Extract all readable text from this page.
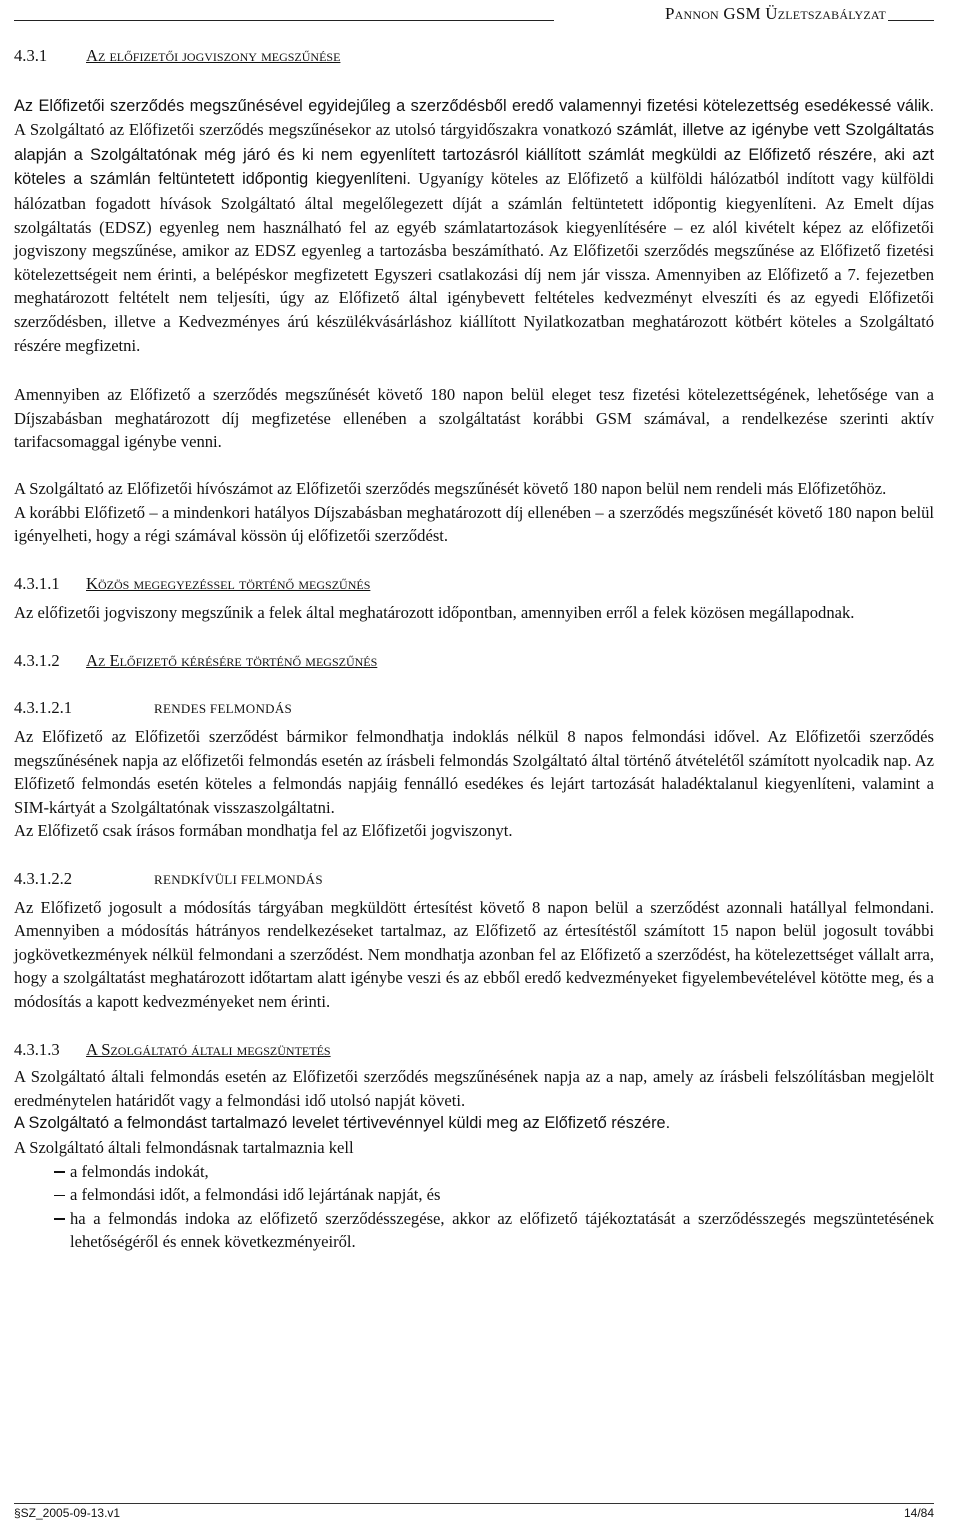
Pannon GSM Üzletszabályzat

4.3.1 Az előfizetői jogviszony megszűnése

Az Előfizetői szerződés megszűnésével egyidejűleg a szerződésből eredő valamennyi fizetési kötelezettség esedékessé válik. A Szolgáltató az Előfizetői szerződés megszűnésekor az utolsó tárgyidőszakra vonatkozó számlát, illetve az igénybe vett Szolgáltatás alapján a Szolgáltatónak még járó és ki nem egyenlített tartozásról kiállított számlát megküldi az Előfizető részére, aki azt köteles a számlán feltüntetett időpontig kiegyenlíteni. Ugyanígy köteles az Előfizető a külföldi hálózatból indított vagy külföldi hálózatban fogadott hívások Szolgáltató által megelőlegezett díját a számlán feltüntetett időpontig kiegyenlíteni. Az Emelt díjas szolgáltatás (EDSZ) egyenleg nem használható fel az egyéb számlatartozások kiegyenlítésére – ez alól kivételt képez az előfizetői jogviszony megszűnése, amikor az EDSZ egyenleg a tartozásba beszámítható. Az Előfizetői szerződés megszűnése az Előfizető fizetési kötelezettségeit nem érinti, a belépéskor megfizetett Egyszeri csatlakozási díj nem jár vissza. Amennyiben az Előfizető a 7. fejezetben meghatározott feltételt nem teljesíti, úgy az Előfizető által igénybevett feltételes kedvezményt elveszíti és az egyedi Előfizetői szerződésben, illetve a Kedvezményes árú készülékvásárláshoz kiállított Nyilatkozatban meghatározott kötbért köteles a Szolgáltató részére megfizetni.

Amennyiben az Előfizető a szerződés megszűnését követő 180 napon belül eleget tesz fizetési kötelezettségének, lehetősége van a Díjszabásban meghatározott díj megfizetése ellenében a szolgáltatást korábbi GSM számával, a rendelkezése szerinti aktív tarifacsomaggal igénybe venni.

A Szolgáltató az Előfizetői hívószámot az Előfizetői szerződés megszűnését követő 180 napon belül nem rendeli más Előfizetőhöz.

A korábbi Előfizető – a mindenkori hatályos Díjszabásban meghatározott díj ellenében – a szerződés megszűnését követő 180 napon belül igényelheti, hogy a régi számával kössön új előfizetői szerződést.

4.3.1.1 Közös megegyezéssel történő megszűnés

Az előfizetői jogviszony megszűnik a felek által meghatározott időpontban, amennyiben erről a felek közösen megállapodnak.

4.3.1.2 Az Előfizető kérésére történő megszűnés

4.3.1.2.1	RENDES FELMONDÁS

Az Előfizető az Előfizetői szerződést bármikor felmondhatja indoklás nélkül 8 napos felmondási idővel. Az Előfizetői szerződés megszűnésének napja az előfizetői felmondás esetén az írásbeli felmondás Szolgáltató által történő átvételétől számított nyolcadik nap. Az Előfizető felmondás esetén köteles a felmondás napjáig fennálló esedékes és lejárt tartozását haladéktalanul kiegyenlíteni, valamint a SIM-kártyát a Szolgáltatónak visszaszolgáltatni.

Az Előfizető csak írásos formában mondhatja fel az Előfizetői jogviszonyt.

4.3.1.2.2	RENDKÍVÜLI FELMONDÁS

Az Előfizető jogosult a módosítás tárgyában megküldött értesítést követő 8 napon belül a szerződést azonnali hatállyal felmondani. Amennyiben a módosítás hátrányos rendelkezéseket tartalmaz, az Előfizető az értesítéstől számított 15 napon belül jogosult további jogkövetkezmények nélkül felmondani a szerződést. Nem mondhatja azonban fel az Előfizető a szerződést, ha kötelezettséget vállalt arra, hogy a szolgáltatást meghatározott időtartam alatt igénybe veszi és az ebből eredő kedvezményeket figyelembevételével kötötte meg, és a módosítás a kapott kedvezményeket nem érinti.

4.3.1.3 A Szolgáltató általi megszüntetés

A Szolgáltató általi felmondás esetén az Előfizetői szerződés megszűnésének napja az a nap, amely az írásbeli felszólításban megjelölt eredménytelen határidőt vagy a felmondási idő utolsó napját követi.

A Szolgáltató a felmondást tartalmazó levelet tértivevénnyel küldi meg az Előfizető részére.

A Szolgáltató általi felmondásnak tartalmaznia kell

a felmondás indokát,
a felmondási időt, a felmondási idő lejártának napját, és
ha a felmondás indoka az előfizető szerződésszegése, akkor az előfizető tájékoztatását a szerződésszegés megszüntetésének lehetőségéről és ennek következményeiről.
§SZ_2005-09-13.v1	14/84
